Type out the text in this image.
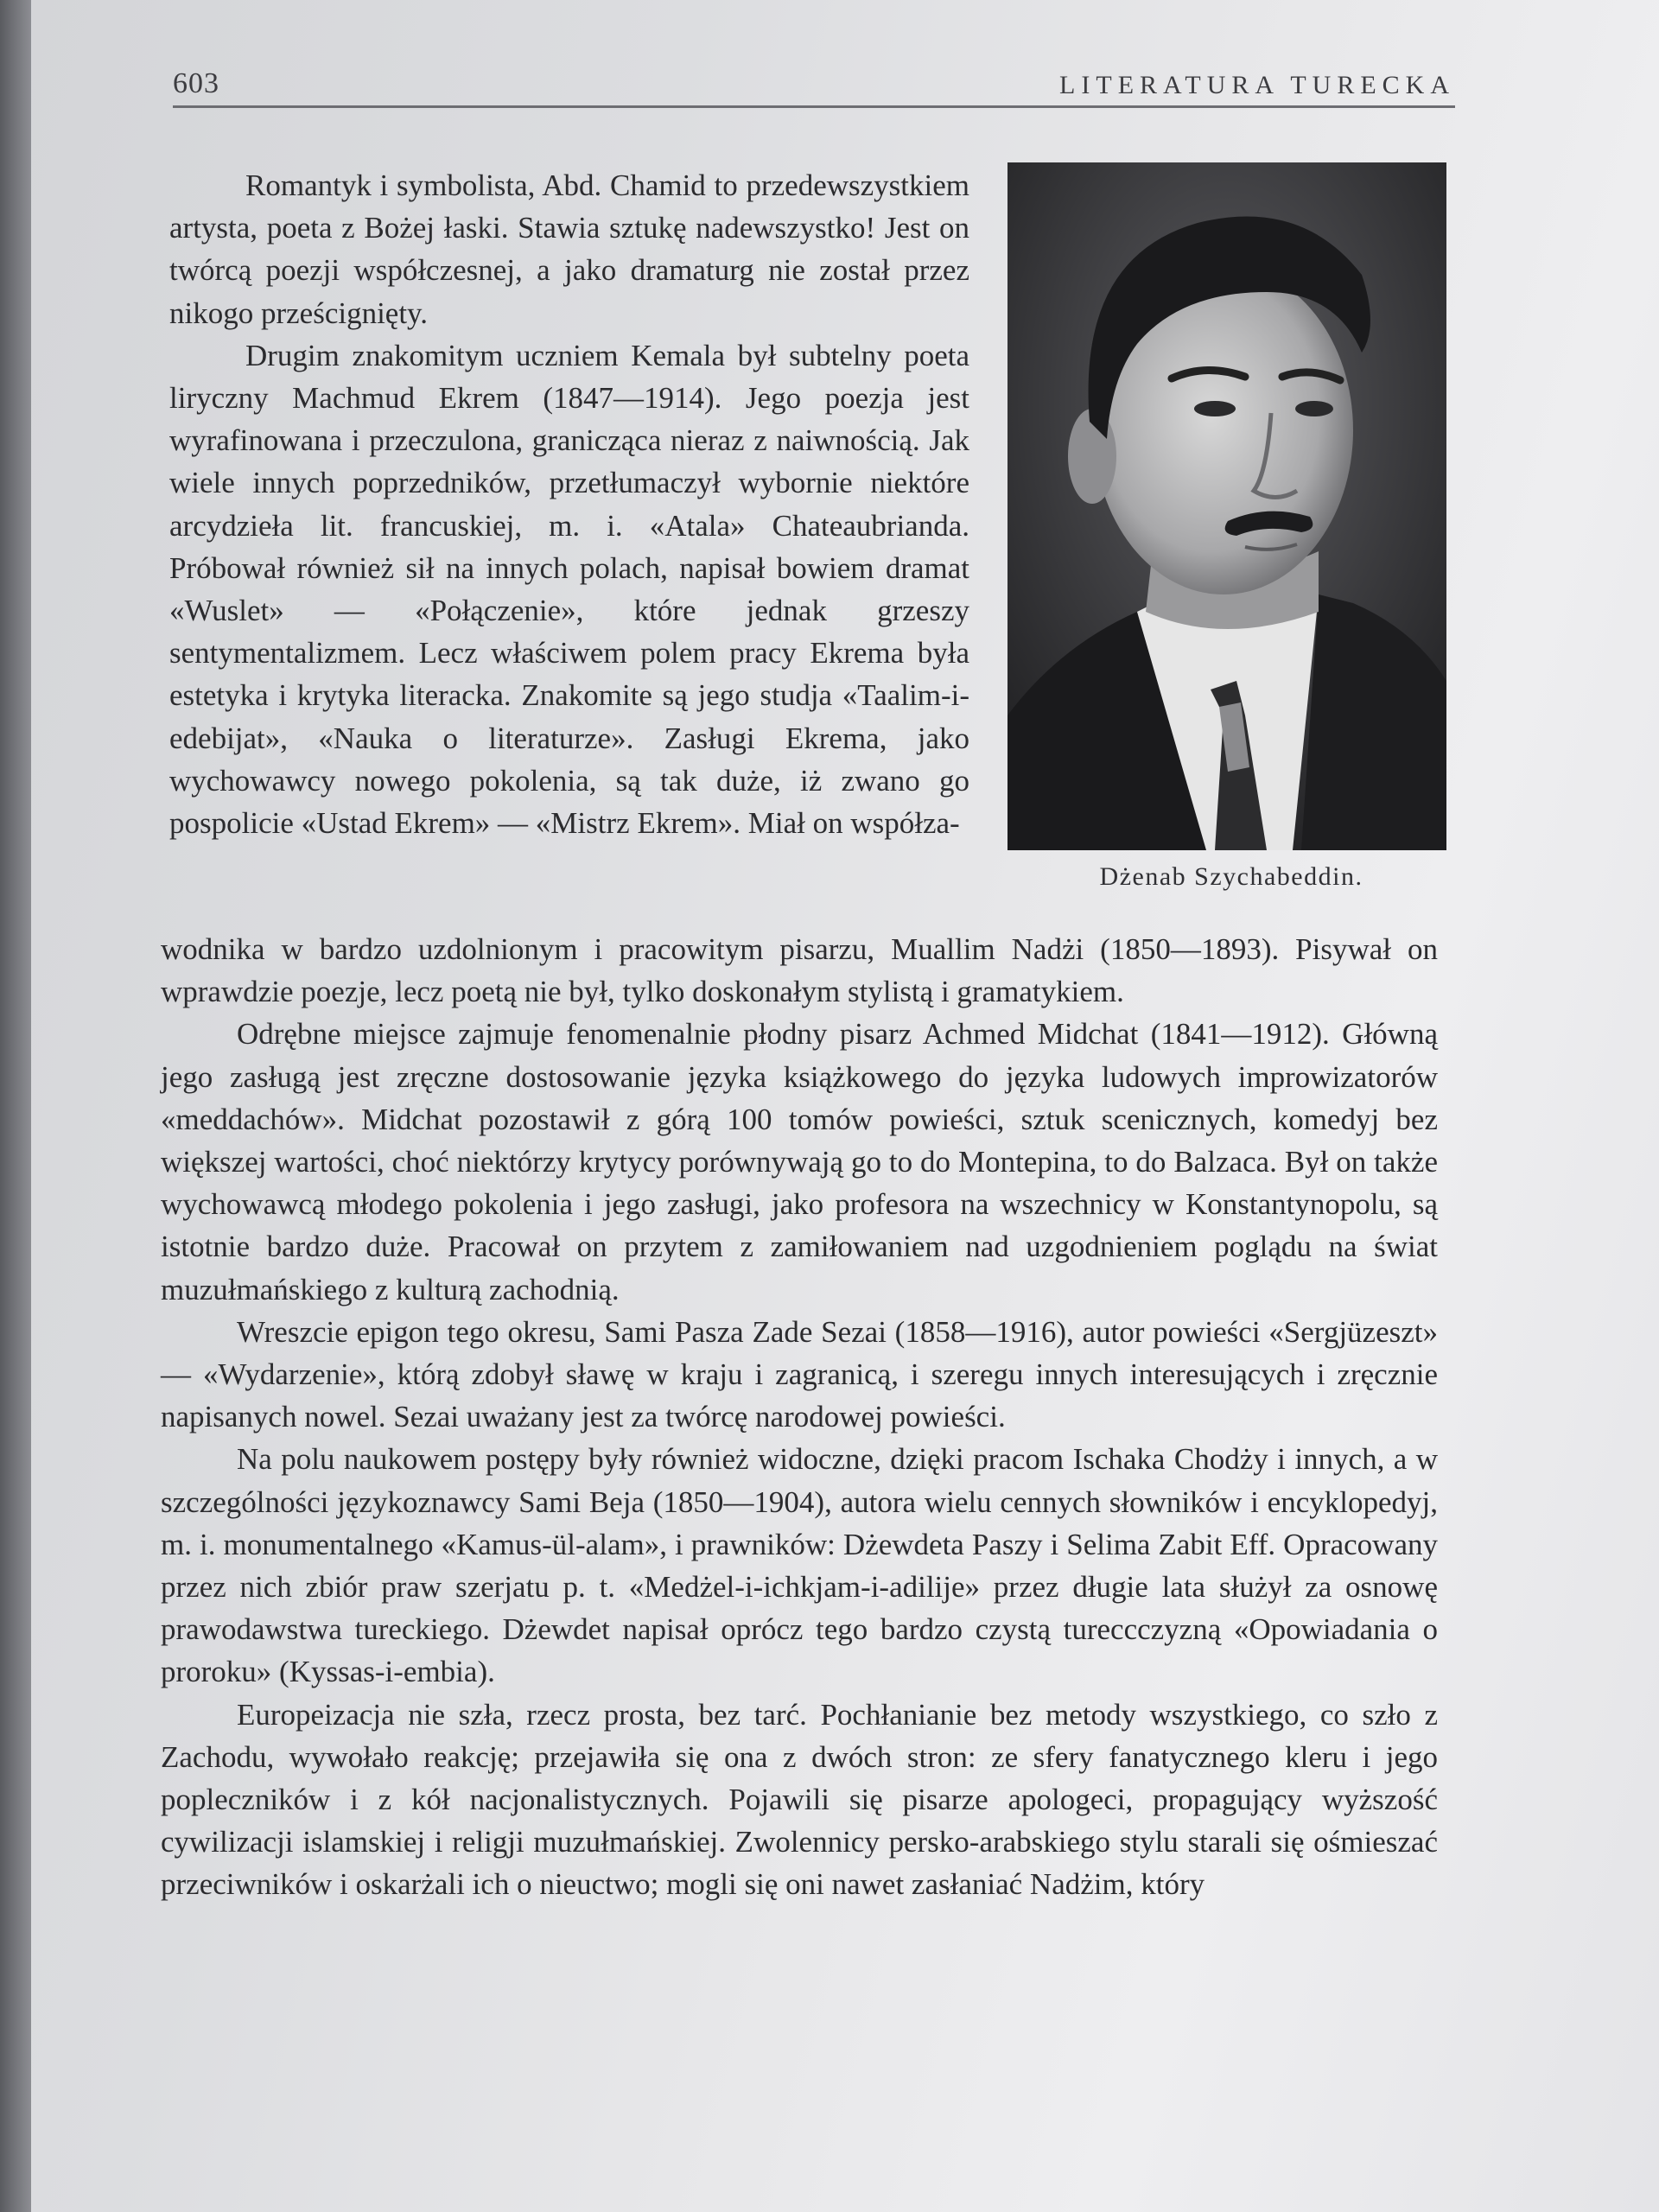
603	LITERATURA TURECKA
Dżenab Szychabeddin.

Romantyk i symbolista, Abd. Chamid to przedewszystkiem artysta, poeta z Bożej łaski. Stawia sztukę nadewszystko! Jest on twórcą poezji współczesnej, a jako dramaturg nie został przez nikogo prześcignięty.

Drugim znakomitym uczniem Kemala był subtelny poeta liryczny Machmud Ekrem (1847—1914). Jego poezja jest wyrafinowana i przeczulona, granicząca nieraz z naiwnością. Jak wiele innych poprzedników, przetłumaczył wybornie niektóre arcydzieła lit. francuskiej, m. i. «Atala» Chateaubrianda. Próbował również sił na innych polach, napisał bowiem dramat «Wuslet» — «Połączenie», które jednak grzeszy sentymentalizmem. Lecz właściwem polem pracy Ekrema była estetyka i krytyka literacka. Znakomite są jego studja «Taalim-i-edebijat», «Nauka o literaturze». Zasługi Ekrema, jako wychowawcy nowego pokolenia, są tak duże, iż zwano go pospolicie «Ustad Ekrem» — «Mistrz Ekrem». Miał on współza-

wodnika w bardzo uzdolnionym i pracowitym pisarzu, Muallim Nadżi (1850—1893). Pisywał on wprawdzie poezje, lecz poetą nie był, tylko doskonałym stylistą i gramatykiem.

Odrębne miejsce zajmuje fenomenalnie płodny pisarz Achmed Midchat (1841—1912). Główną jego zasługą jest zręczne dostosowanie języka książkowego do języka ludowych improwizatorów «meddachów». Midchat pozostawił z górą 100 tomów powieści, sztuk scenicznych, komedyj bez większej wartości, choć niektórzy krytycy porównywają go to do Montepina, to do Balzaca. Był on także wychowawcą młodego pokolenia i jego zasługi, jako profesora na wszechnicy w Konstantynopolu, są istotnie bardzo duże. Pracował on przytem z zamiłowaniem nad uzgodnieniem poglądu na świat muzułmańskiego z kulturą zachodnią.

Wreszcie epigon tego okresu, Sami Pasza Zade Sezai (1858—1916), autor powieści «Sergjüzeszt» — «Wydarzenie», którą zdobył sławę w kraju i zagranicą, i szeregu innych interesujących i zręcznie napisanych nowel. Sezai uważany jest za twórcę narodowej powieści.

Na polu naukowem postępy były również widoczne, dzięki pracom Ischaka Chodży i innych, a w szczególności językoznawcy Sami Beja (1850—1904), autora wielu cennych słowników i encyklopedyj, m. i. monumentalnego «Kamus-ül-alam», i prawników: Dżewdeta Paszy i Selima Zabit Eff. Opracowany przez nich zbiór praw szerjatu p. t. «Medżel-i-ichkjam-i-adilije» przez długie lata służył za osnowę prawodawstwa tureckiego. Dżewdet napisał oprócz tego bardzo czystą tureccczyzną «Opowiadania o proroku» (Kyssas-i-embia).

Europeizacja nie szła, rzecz prosta, bez tarć. Pochłanianie bez metody wszystkiego, co szło z Zachodu, wywołało reakcję; przejawiła się ona z dwóch stron: ze sfery fanatycznego kleru i jego popleczników i z kół nacjonalistycznych. Pojawili się pisarze apologeci, propagujący wyższość cywilizacji islamskiej i religji muzułmańskiej. Zwolennicy persko-arabskiego stylu starali się ośmieszać przeciwników i oskarżali ich o nieuctwo; mogli się oni nawet zasłaniać Nadżim, który
